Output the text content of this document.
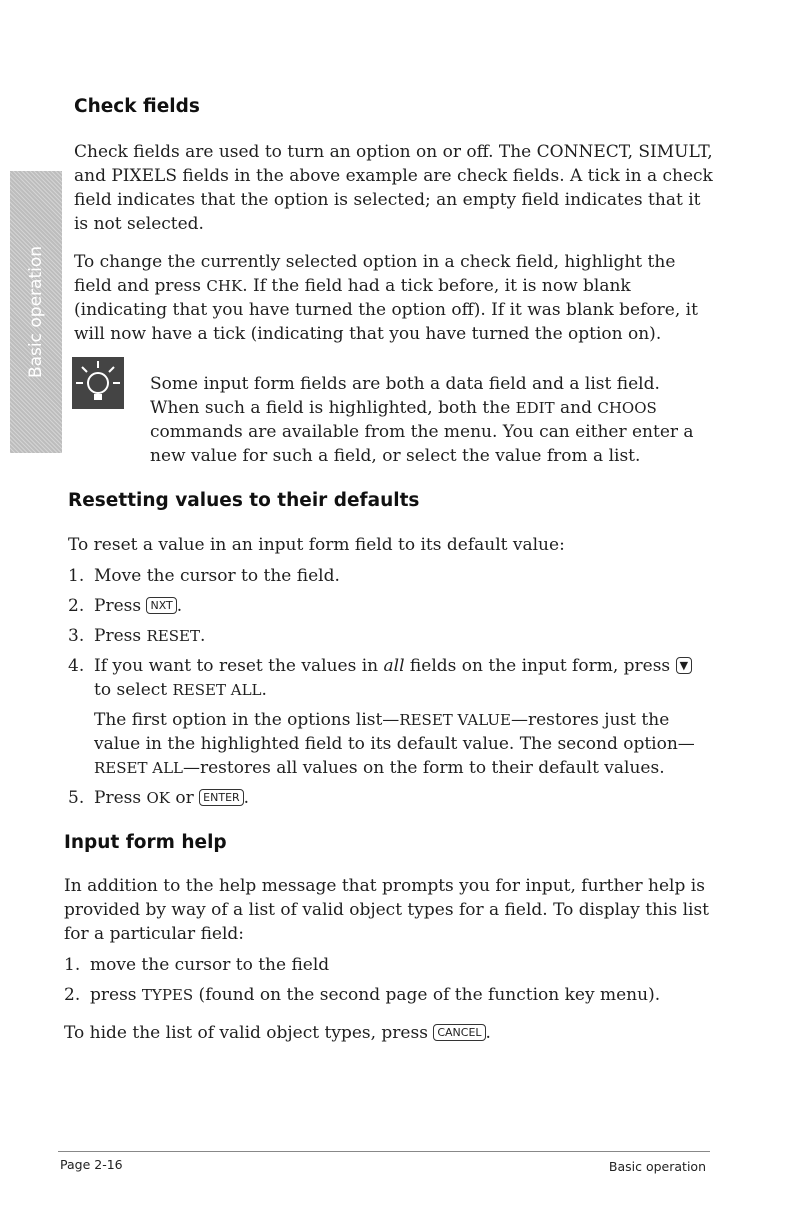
Basic operation
Check fields

Check fields are used to turn an option on or off. The CONNECT, SIMULT, and PIXELS fields in the above example are check fields. A tick in a check field indicates that the option is selected; an empty field indicates that it is not selected.

To change the currently selected option in a check field, highlight the field and press CHK. If the field had a tick before, it is now blank (indicating that you have turned the option off). If it was blank before, it will now have a tick (indicating that you have turned the option on).

Some input form fields are both a data field and a list field. When such a field is highlighted, both the EDIT and CHOOS commands are available from the menu. You can either enter a new value for such a field, or select the value from a list.

Resetting values to their defaults

To reset a value in an input form field to its default value:

1. Move the cursor to the field.
2. Press NXT .
3. Press RESET.
4. If you want to reset the values in all fields on the input form, press ▼ to select RESET ALL.
The first option in the options list—RESET VALUE—restores just the value in the highlighted field to its default value. The second option—RESET ALL—restores all values on the form to their default values.
5. Press OK or ENTER .
Input form help

In addition to the help message that prompts you for input, further help is provided by way of a list of valid object types for a field. To display this list for a particular field:

1. move the cursor to the field
2. press TYPES (found on the second page of the function key menu).

To hide the list of valid object types, press CANCEL .

Page 2-16	Basic operation
